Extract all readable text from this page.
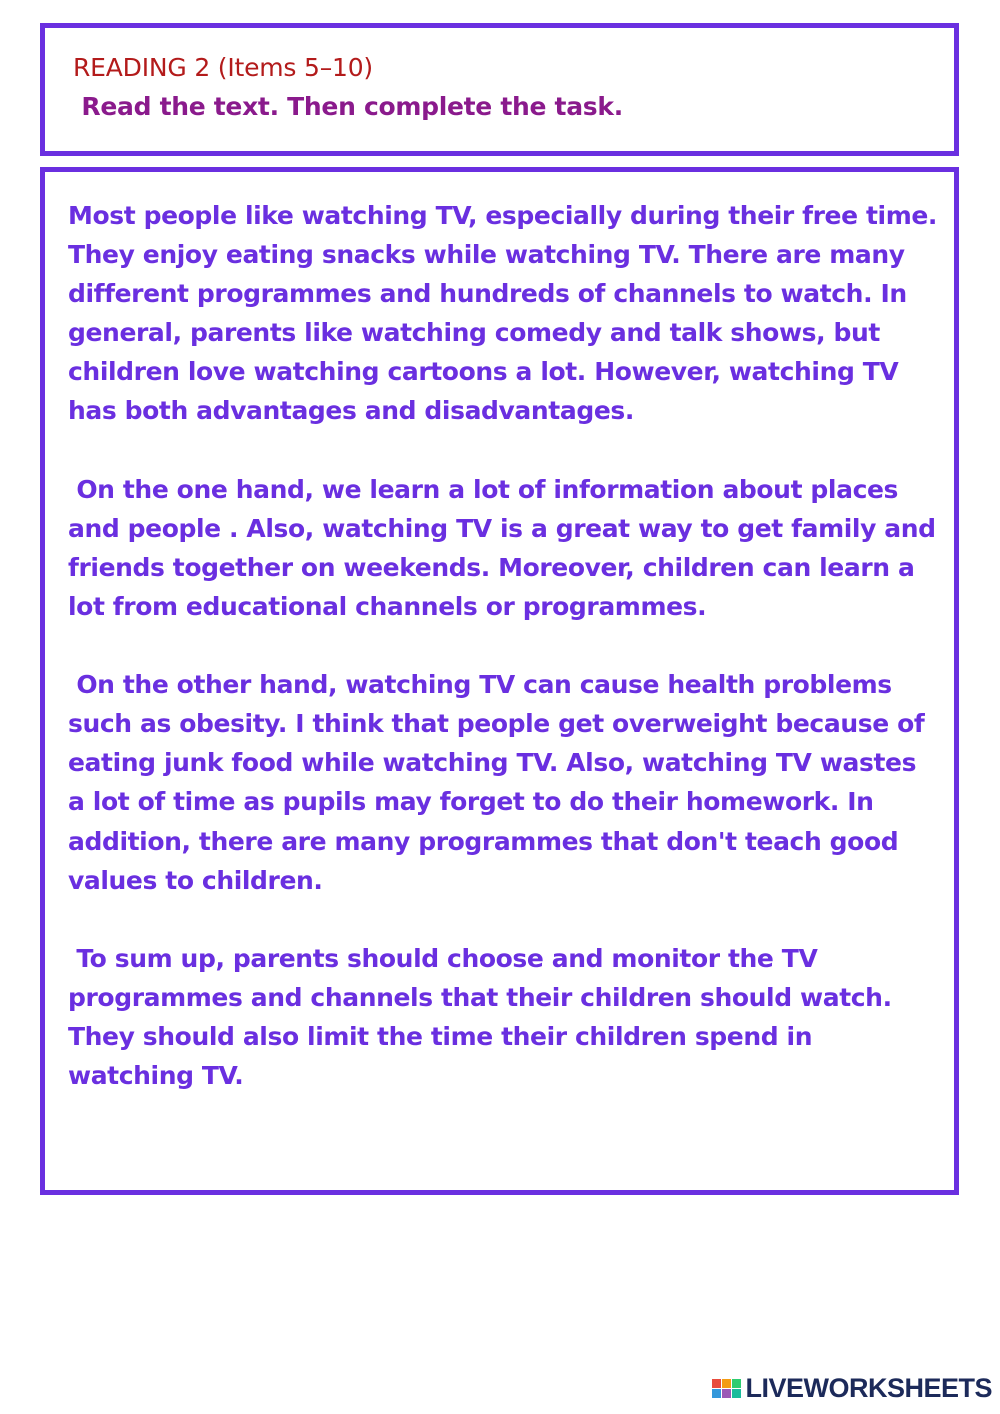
READING 2 (Items 5–10)
Read the text. Then complete the task.

Most people like watching TV, especially during their free time. They enjoy eating snacks while watching TV. There are many different programmes and hundreds of channels to watch. In general, parents like watching comedy and talk shows, but children love watching cartoons a lot. However, watching TV has both advantages and disadvantages.

On the one hand, we learn a lot of information about places and people . Also, watching TV is a great way to get family and friends together on weekends. Moreover, children can learn a lot from educational channels or programmes.

On the other hand, watching TV can cause health problems such as obesity. I think that people get overweight because of eating junk food while watching TV. Also, watching TV wastes a lot of time as pupils may forget to do their homework. In addition, there are many programmes that don't teach good values to children.

To sum up, parents should choose and monitor the TV programmes and channels that their children should watch. They should also limit the time their children spend in watching TV.

LIVEWORKSHEETS
